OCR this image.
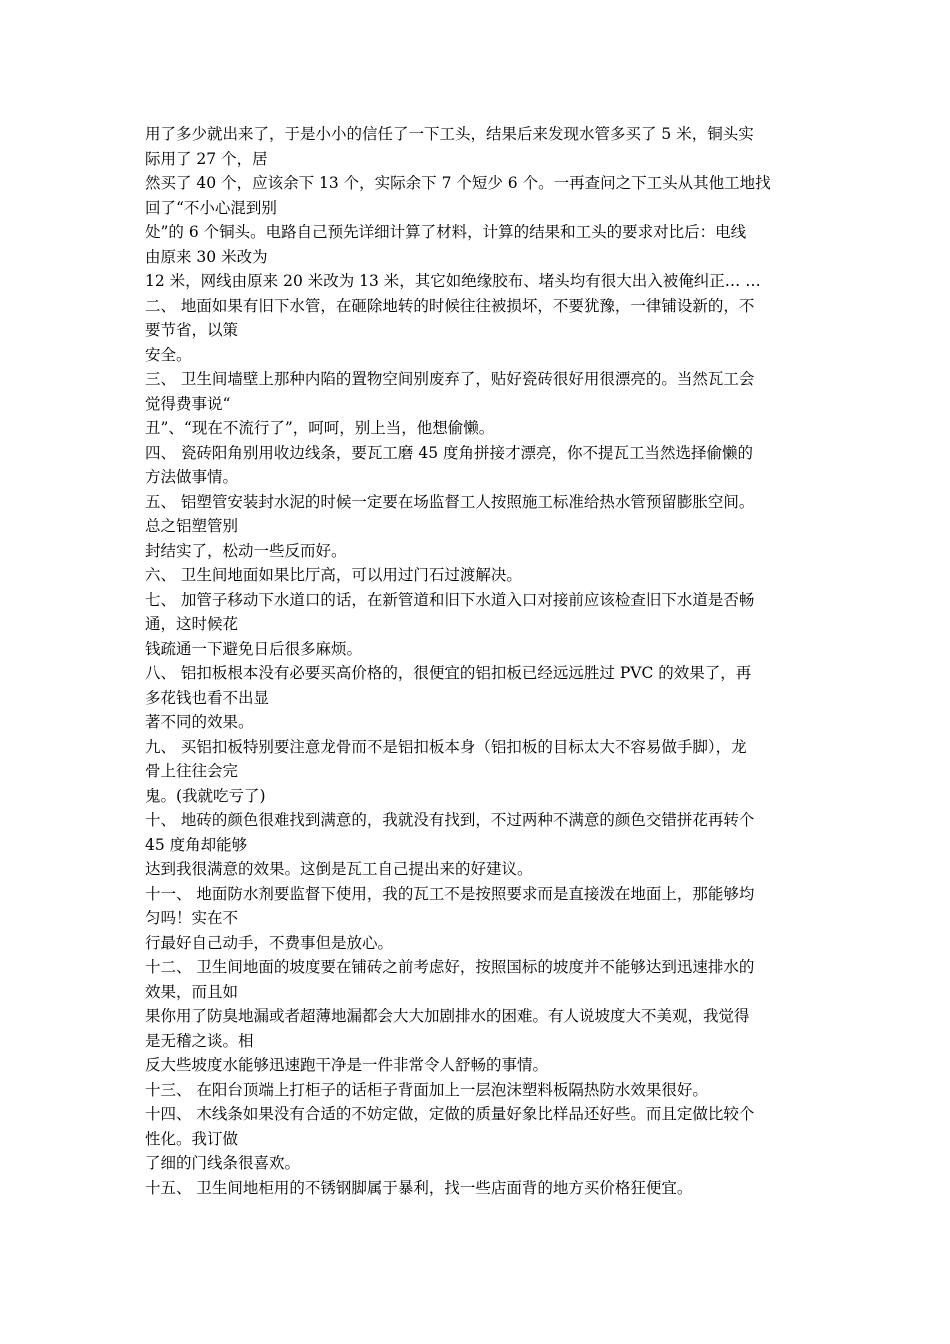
用了多少就出来了，于是小小的信任了一下工头，结果后来发现水管多买了 5 米，铜头实
际用了 27 个，居
然买了 40 个，应该余下 13 个，实际余下 7 个短少 6 个。一再查问之下工头从其他工地找
回了“不小心混到别
处”的 6 个铜头。电路自己预先详细计算了材料，计算的结果和工头的要求对比后：电线
由原来 30 米改为
12 米，网线由原来 20 米改为 13 米，其它如绝缘胶布、堵头均有很大出入被俺纠正… …
二、 地面如果有旧下水管，在砸除地转的时候往往被损坏，不要犹豫，一律铺设新的，不
要节省，以策
安全。
三、 卫生间墙壁上那种内陷的置物空间别废弃了，贴好瓷砖很好用很漂亮的。当然瓦工会
觉得费事说“
丑”、“现在不流行了”，呵呵，别上当，他想偷懒。
四、 瓷砖阳角别用收边线条，要瓦工磨 45 度角拼接才漂亮，你不提瓦工当然选择偷懒的
方法做事情。
五、 铝塑管安装封水泥的时候一定要在场监督工人按照施工标准给热水管预留膨胀空间。
总之铝塑管别
封结实了，松动一些反而好。
六、 卫生间地面如果比厅高，可以用过门石过渡解决。
七、 加管子移动下水道口的话，在新管道和旧下水道入口对接前应该检查旧下水道是否畅
通，这时候花
钱疏通一下避免日后很多麻烦。
八、 铝扣板根本没有必要买高价格的，很便宜的铝扣板已经远远胜过 PVC 的效果了，再
多花钱也看不出显
著不同的效果。
九、 买铝扣板特别要注意龙骨而不是铝扣板本身（铝扣板的目标太大不容易做手脚），龙
骨上往往会完
鬼。(我就吃亏了)
十、 地砖的颜色很难找到满意的，我就没有找到，不过两种不满意的颜色交错拼花再转个
45 度角却能够
达到我很满意的效果。这倒是瓦工自己提出来的好建议。
十一、 地面防水剂要监督下使用，我的瓦工不是按照要求而是直接泼在地面上，那能够均
匀吗！实在不
行最好自己动手，不费事但是放心。
十二、 卫生间地面的坡度要在铺砖之前考虑好，按照国标的坡度并不能够达到迅速排水的
效果，而且如
果你用了防臭地漏或者超薄地漏都会大大加剧排水的困难。有人说坡度大不美观，我觉得
是无稽之谈。相
反大些坡度水能够迅速跑干净是一件非常令人舒畅的事情。
十三、 在阳台顶端上打柜子的话柜子背面加上一层泡沫塑料板隔热防水效果很好。
十四、 木线条如果没有合适的不妨定做，定做的质量好象比样品还好些。而且定做比较个
性化。我订做
了细的门线条很喜欢。
十五、 卫生间地柜用的不锈钢脚属于暴利，找一些店面背的地方买价格狂便宜。
